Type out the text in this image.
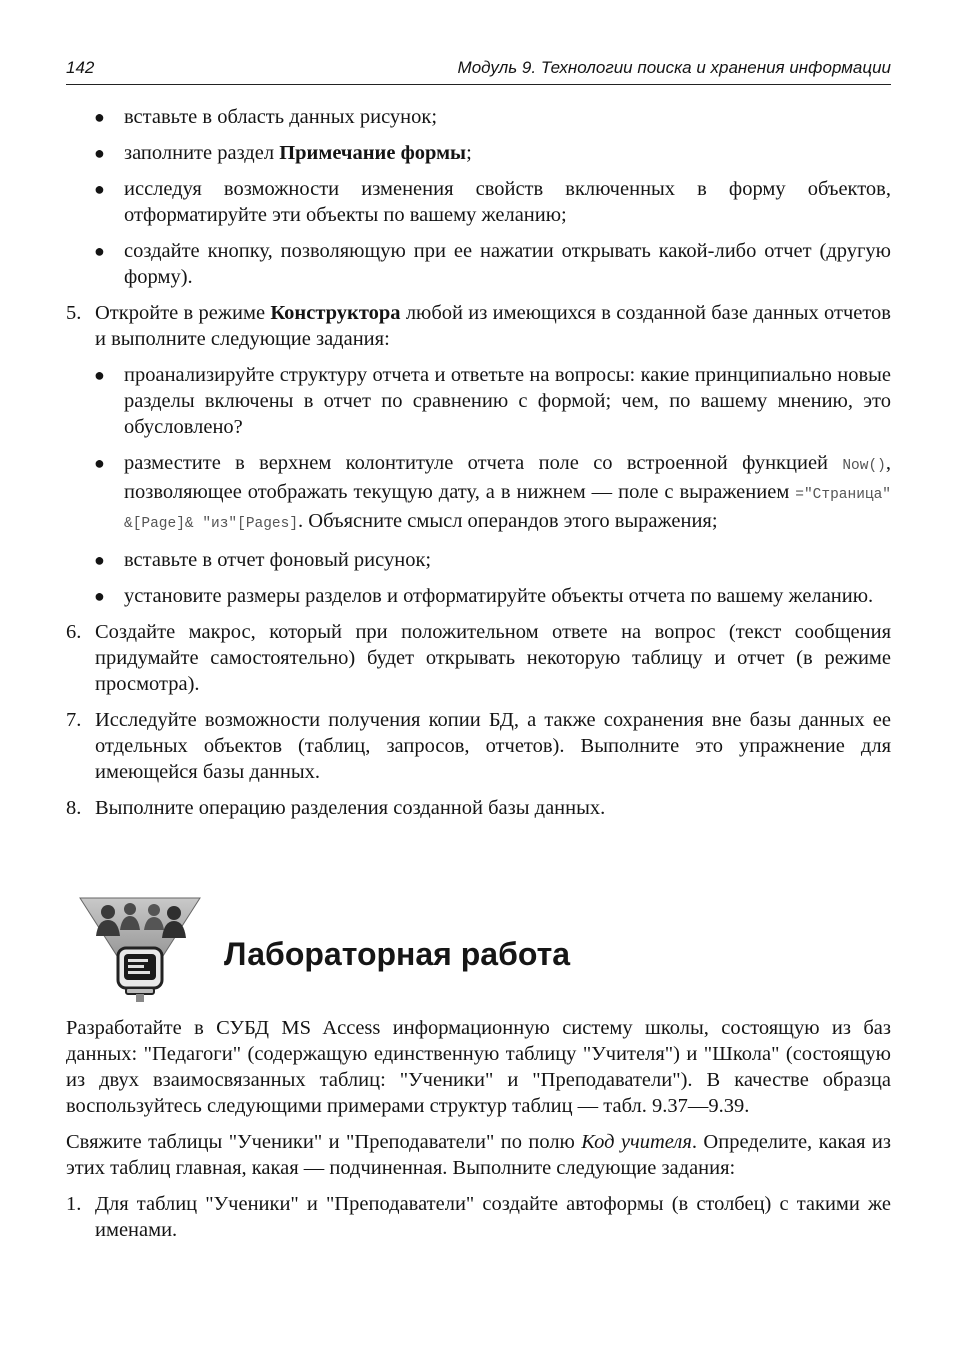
142	Модуль 9. Технологии поиска и хранения информации
● вставьте в область данных рисунок;
● заполните раздел Примечание формы;
● исследуя возможности изменения свойств включенных в форму объектов, отформатируйте эти объекты по вашему желанию;
● создайте кнопку, позволяющую при ее нажатии открывать какой-либо отчет (другую форму).
5. Откройте в режиме Конструктора любой из имеющихся в созданной базе данных отчетов и выполните следующие задания:
● проанализируйте структуру отчета и ответьте на вопросы: какие принципиально новые разделы включены в отчет по сравнению с формой; чем, по вашему мнению, это обусловлено?
● разместите в верхнем колонтитуле отчета поле со встроенной функцией Now(), позволяющее отображать текущую дату, а в нижнем — поле с выражением ="Страница" &[Page]& "из"[Pages]. Объясните смысл операндов этого выражения;
● вставьте в отчет фоновый рисунок;
● установите размеры разделов и отформатируйте объекты отчета по вашему желанию.
6. Создайте макрос, который при положительном ответе на вопрос (текст сообщения придумайте самостоятельно) будет открывать некоторую таблицу и отчет (в режиме просмотра).
7. Исследуйте возможности получения копии БД, а также сохранения вне базы данных ее отдельных объектов (таблиц, запросов, отчетов). Выполните это упражнение для имеющейся базы данных.
8. Выполните операцию разделения созданной базы данных.
Лабораторная работа
Разработайте в СУБД MS Access информационную систему школы, состоящую из баз данных: "Педагоги" (содержащую единственную таблицу "Учителя") и "Школа" (состоящую из двух взаимосвязанных таблиц: "Ученики" и "Преподаватели"). В качестве образца воспользуйтесь следующими примерами структур таблиц — табл. 9.37—9.39.
Свяжите таблицы "Ученики" и "Преподаватели" по полю Код учителя. Определите, какая из этих таблиц главная, какая — подчиненная. Выполните следующие задания:
1. Для таблиц "Ученики" и "Преподаватели" создайте автоформы (в столбец) с такими же именами.
